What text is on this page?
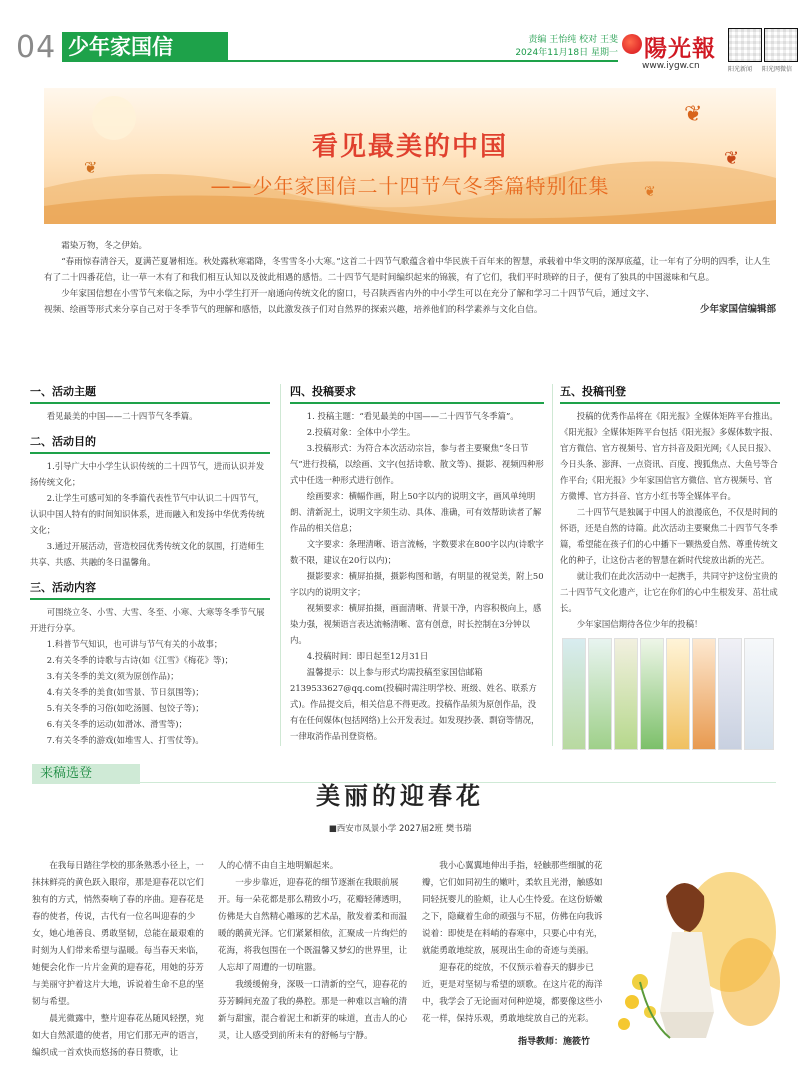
04 少年家国信	责编 王怡纯 校对 王斐
2024年11月18日 星期一 陽光報
www.iygw.cn	阳光新闻 阳光网微信
❦
❦
❦
❦
看见最美的中国
——少年家国信二十四节气冬季篇特别征集

霜染万物，冬之伊始。

“春雨惊春清谷天，夏满芒夏暑相连。秋处露秋寒霜降，冬雪雪冬小大寒。”这首二十四节气歌蕴含着中华民族千百年来的智慧，承载着中华文明的深厚底蕴，让一年有了分明的四季，让人生有了二十四番花信，让一草一木有了和我们相互认知以及彼此相遇的感悟。二十四节气是时间编织起来的锦簇，有了它们，我们平时琐碎的日子，便有了独具的中国滋味和气息。

少年家国信想在小雪节气来临之际，为中小学生打开一扇通向传统文化的窗口，号召陕西省内外的中小学生可以在充分了解和学习二十四节气后，通过文字、视频、绘画等形式来分享自己对于冬季节气的理解和感悟，以此激发孩子们对自然界的探索兴趣，培养他们的科学素养与文化自信。	少年家国信编辑部
一、活动主题

看见最美的中国——二十四节气冬季篇。

二、活动目的

1.引导广大中小学生认识传统的二十四节气，进而认识并发扬传统文化；

2.让学生可感可知的冬季篇代表性节气中认识二十四节气，认识中国人特有的时间知识体系，进而融入和发扬中华优秀传统文化；

3.通过开展活动，营造校园优秀传统文化的氛围，打造师生共享、共感、共融的冬日温馨角。

三、活动内容

可围绕立冬、小雪、大雪、冬至、小寒、大寒等冬季节气展开进行分享。

1.科普节气知识，也可讲与节气有关的小故事；

2.有关冬季的诗歌与古诗(如《江雪》《梅花》等)；

3.有关冬季的美文(须为原创作品)；

4.有关冬季的美食(如雪景、节日氛围等)；

5.有关冬季的习俗(如吃汤圆、包饺子等)；

6.有关冬季的运动(如滑冰、滑雪等)；

7.有关冬季的游戏(如堆雪人、打雪仗等)。

四、投稿要求

1. 投稿主题：“看见最美的中国——二十四节气冬季篇”。

2.投稿对象：全体中小学生。

3.投稿形式：为符合本次活动宗旨，参与者主要聚焦“冬日节气”进行投稿，以绘画、文字(包括诗歌、散文等)、摄影、视频四种形式中任选一种形式进行创作。

绘画要求：横幅作画，附上50字以内的说明文字，画风单纯明朗、清新泥土，说明文字须生动、具体、准确，可有效帮助读者了解作品的相关信息；

文字要求：条理清晰、语言流畅，字数要求在800字以内(诗歌字数不限，建议在20行以内)；

摄影要求：横屏拍摄，摄影构图和谐，有明显的视觉美，附上50字以内的说明文字；

视频要求：横屏拍摄，画面清晰、背景干净，内容积极向上，感染力强，视频语言表达流畅清晰、富有创意，时长控制在3分钟以内。

4.投稿时间：即日起至12月31日

温馨提示：以上参与形式均需投稿至家国信邮箱2139533627@qq.com(投稿时需注明学校、班级、姓名、联系方式)。作品提交后，相关信息不得更改。投稿作品须为原创作品，没有在任何媒体(包括网络)上公开发表过。如发现抄袭、剽窃等情况，一律取消作品刊登资格。

五、投稿刊登

投稿的优秀作品将在《阳光报》全媒体矩阵平台推出。《阳光报》全媒体矩阵平台包括《阳光报》多媒体数字报、官方微信、官方视频号、官方抖音及阳光网;《人民日报》、今日头条、澎湃、一点资讯、百度、搜狐焦点、大鱼号等合作平台;《阳光报》少年家国信官方微信、官方视频号、官方微博、官方抖音、官方小红书等全媒体平台。

二十四节气是独属于中国人的浪漫底色，不仅是时间的怀语，还是自然的诗篇。此次活动主要聚焦二十四节气冬季篇，希望能在孩子们的心中播下一颗热爱自然、尊重传统文化的种子，让这份古老的智慧在新时代绽放出新的光芒。

就让我们在此次活动中一起携手，共同守护这份宝贵的二十四节气文化遗产，让它在你们的心中生根发芽、茁壮成长。

少年家国信期待各位少年的投稿！

来稿选登
美丽的迎春花
■西安市凤景小学 2027届2班 樊书瑞

在我每日踏往学校的那条熟悉小径上，一抹抹鲜亮的黄色跃入眼帘，那是迎春花以它们独有的方式，悄然奏响了春的序曲。迎春花是春的使者，传说，古代有一位名叫迎春的少女，她心地善良、勇敢坚韧，总能在最艰难的时刻为人们带来希望与温暖。每当春天来临，她便会化作一片片金黄的迎春花，用她的芬芳与美丽守护着这片大地，诉说着生命不息的坚韧与希望。

晨光微露中，整片迎春花丛随风轻摆，宛如大自然派遣的使者，用它们那无声的语言，编织成一首欢快而悠扬的春日赞歌，让

人的心情不由自主地明媚起来。

一步步靠近，迎春花的细节逐渐在我眼前展开。每一朵花都是那么精致小巧，花瓣轻薄透明，仿佛是大自然精心雕琢的艺术品，散发着柔和而温暖的鹅黄光泽。它们紧紧相依，汇聚成一片绚烂的花海，将我包围在一个既温馨又梦幻的世界里，让人忘却了周遭的一切喧嚣。

我缓缓俯身，深吸一口清新的空气，迎春花的芬芳瞬间充盈了我的鼻腔。那是一种难以言喻的清新与甜蜜，混合着泥土和新芽的味道，直击人的心灵，让人感受到前所未有的舒畅与宁静。

我小心翼翼地伸出手指，轻触那些细腻的花瓣，它们如同初生的嫩叶，柔软且光滑，触感如同轻抚婴儿的脸颊，让人心生怜爱。在这份娇嫩之下，隐藏着生命的顽强与不屈，仿佛在向我诉说着：即使是在料峭的春寒中，只要心中有光，就能勇敢地绽放，展现出生命的奇迹与美丽。

迎春花的绽放，不仅预示着春天的脚步已近，更是对坚韧与希望的颂歌。在这片花的海洋中，我学会了无论面对何种逆境，都要像这些小花一样，保持乐观，勇敢地绽放自己的光彩。

指导教师：施筱竹
